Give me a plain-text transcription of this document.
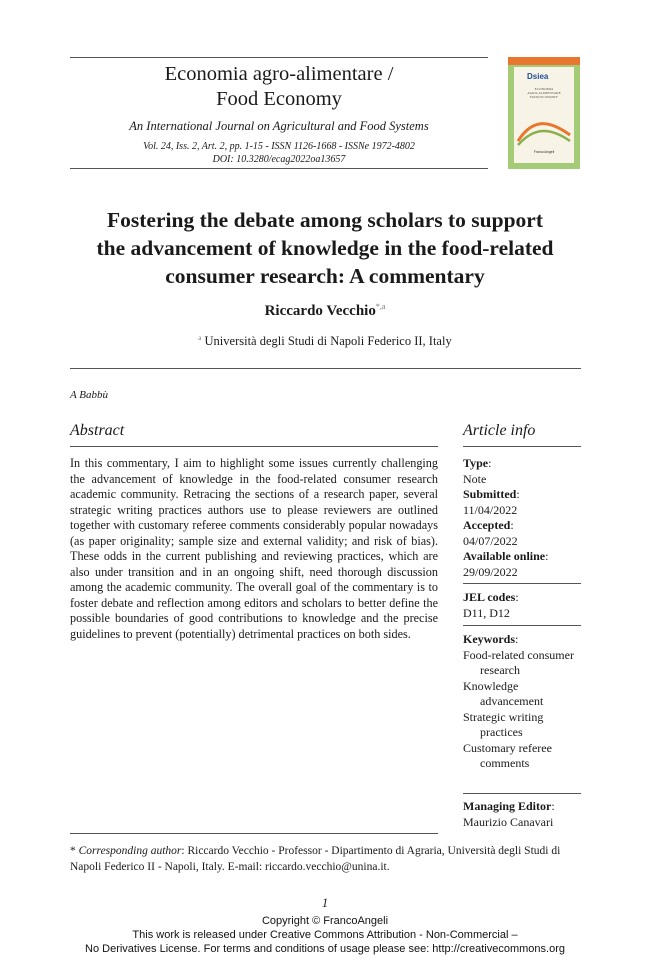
Economia agro-alimentare /
Food Economy
An International Journal on Agricultural and Food Systems
Vol. 24, Iss. 2, Art. 2, pp. 1-15 - ISSN 1126-1668 - ISSNe 1972-4802
DOI: 10.3280/ecag2022oa13657
Dsiea
ECONOMIA
AGRO-ALIMENTARE
FOOD ECONOMY
FrancoAngeli
Fostering the debate among scholars to support
the advancement of knowledge in the food-related
consumer research: A commentary
Riccardo Vecchio$^{*,a}$
$^a$ Università degli Studi di Napoli Federico II, Italy
A Babbù
Abstract
In this commentary, I aim to highlight some issues currently challenging the advancement of knowledge in the food-related consumer research academic community. Retracing the sections of a research paper, several strategic writing practices authors use to please reviewers are outlined together with customary referee comments considerably popular nowadays (as paper originality; sample size and external validity; and risk of bias). These odds in the current publishing and reviewing practices, which are also under transition and in an ongoing shift, need thorough discussion among the academic community. The overall goal of the commentary is to foster debate and reflection among editors and scholars to better define the possible boundaries of good contributions to knowledge and the precise guidelines to prevent (potentially) detrimental practices on both sides.
Article info
Type:
Note
Submitted:
11/04/2022
Accepted:
04/07/2022
Available online:
29/09/2022
JEL codes:
D11, D12
Keywords:
Food-related consumer research
Knowledge advancement
Strategic writing practices
Customary referee comments
Managing Editor:
Maurizio Canavari
* Corresponding author: Riccardo Vecchio - Professor - Dipartimento di Agraria, Università degli Studi di Napoli Federico II - Napoli, Italy. E-mail: riccardo.vecchio@unina.it.
1
Copyright © FrancoAngeli
This work is released under Creative Commons Attribution - Non-Commercial –
No Derivatives License. For terms and conditions of usage please see: http://creativecommons.org
